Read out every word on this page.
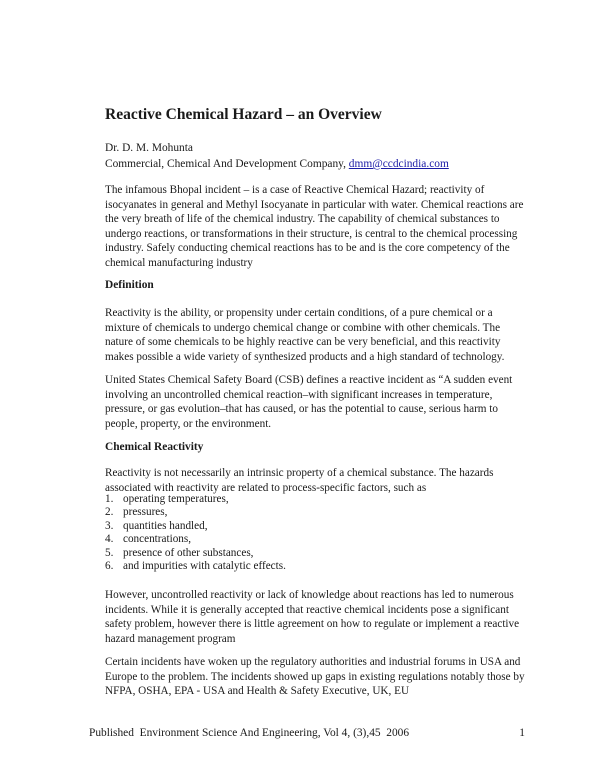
Reactive Chemical Hazard – an Overview
Dr. D. M. Mohunta
Commercial, Chemical And Development Company, dmm@ccdcindia.com
The infamous Bhopal incident – is a case of Reactive Chemical Hazard; reactivity of isocyanates in general and Methyl Isocyanate in particular with water. Chemical reactions are the very breath of life of the chemical industry. The capability of chemical substances to undergo reactions, or transformations in their structure, is central to the chemical processing industry. Safely conducting chemical reactions has to be and is the core competency of the chemical manufacturing industry
Definition
Reactivity is the ability, or propensity under certain conditions, of a pure chemical or a mixture of chemicals to undergo chemical change or combine with other chemicals. The nature of some chemicals to be highly reactive can be very beneficial, and this reactivity makes possible a wide variety of synthesized products and a high standard of technology.
United States Chemical Safety Board (CSB) defines a reactive incident as “A sudden event involving an uncontrolled chemical reaction–with significant increases in temperature, pressure, or gas evolution–that has caused, or has the potential to cause, serious harm to people, property, or the environment.
Chemical Reactivity
Reactivity is not necessarily an intrinsic property of a chemical substance. The hazards associated with reactivity are related to process-specific factors, such as
1. operating temperatures,
2. pressures,
3. quantities handled,
4. concentrations,
5. presence of other substances,
6. and impurities with catalytic effects.
However, uncontrolled reactivity or lack of knowledge about reactions has led to numerous incidents. While it is generally accepted that reactive chemical incidents pose a significant safety problem, however there is little agreement on how to regulate or implement a reactive hazard management program
Certain incidents have woken up the regulatory authorities and industrial forums in USA and Europe to the problem. The incidents showed up gaps in existing regulations notably those by NFPA, OSHA, EPA - USA and Health & Safety Executive, UK, EU
Published  Environment Science And Engineering, Vol 4, (3),45  2006	1
